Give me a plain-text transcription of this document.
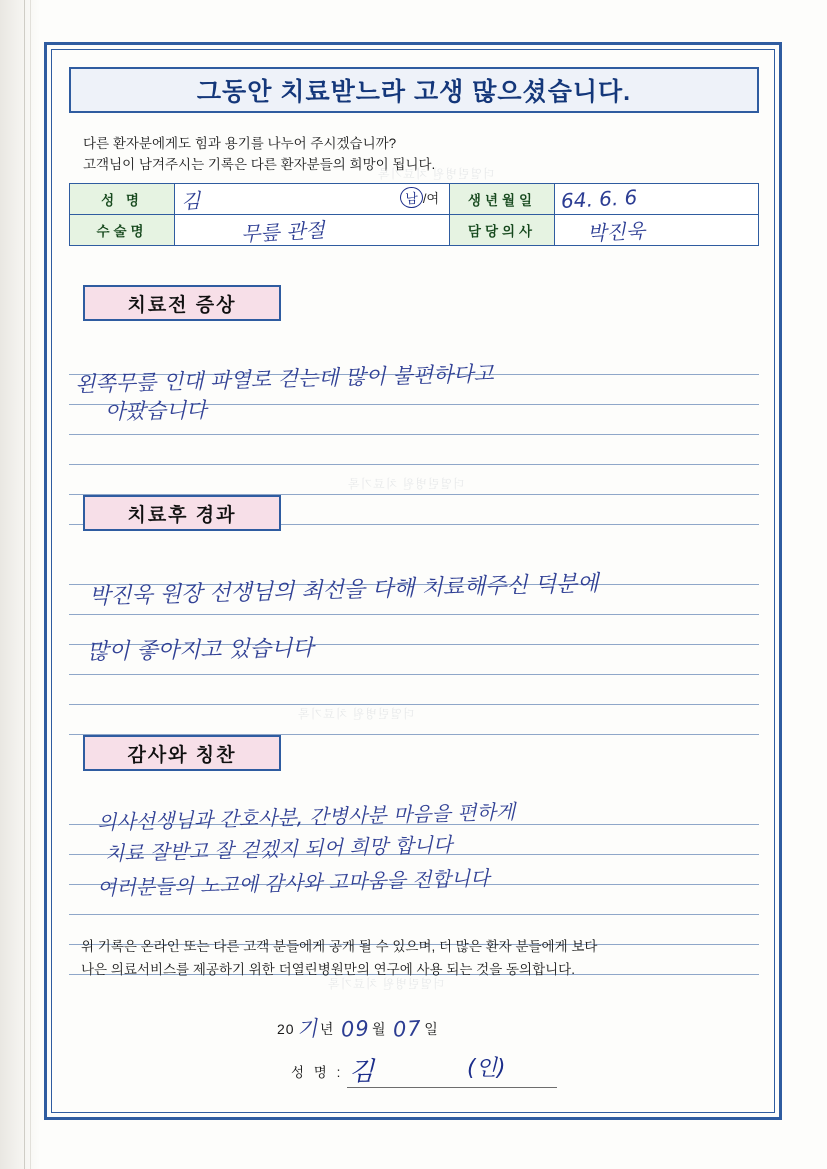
더열린병원 치료기록
더열린병원 치료기록
더열린병원 치료기록
더열린병원 치료기록
그동안 치료받느라 고생 많으셨습니다.
다른 환자분에게도 힘과 용기를 나누어 주시겠습니까?
고객님이 남겨주시는 기록은 다른 환자분들의 희망이 됩니다.
성 명	김 남 /여	생년월일	64. 6. 6
수술명	무릎 관절	담당의사	박진욱
치료전 증상
왼쪽무릎 인대 파열로 걷는데 많이 불편하다고
아팠습니다
치료후 경과
박진욱 원장 선생님의 최선을 다해 치료해주신 덕분에
많이 좋아지고 있습니다
감사와 칭찬
의사선생님과 간호사분, 간병사분 마음을 편하게
치료 잘받고 잘 걷겠지 되어 희망 합니다
여러분들의 노고에 감사와 고마움을 전합니다
위 기록은 온라인 또는 다른 고객 분들에게 공개 될 수 있으며, 더 많은 환자 분들에게 보다
나은 의료서비스를 제공하기 위한 더열린병원만의 연구에 사용 되는 것을 동의합니다.
20기년 09월 07일
성 명 : 김	(인)
